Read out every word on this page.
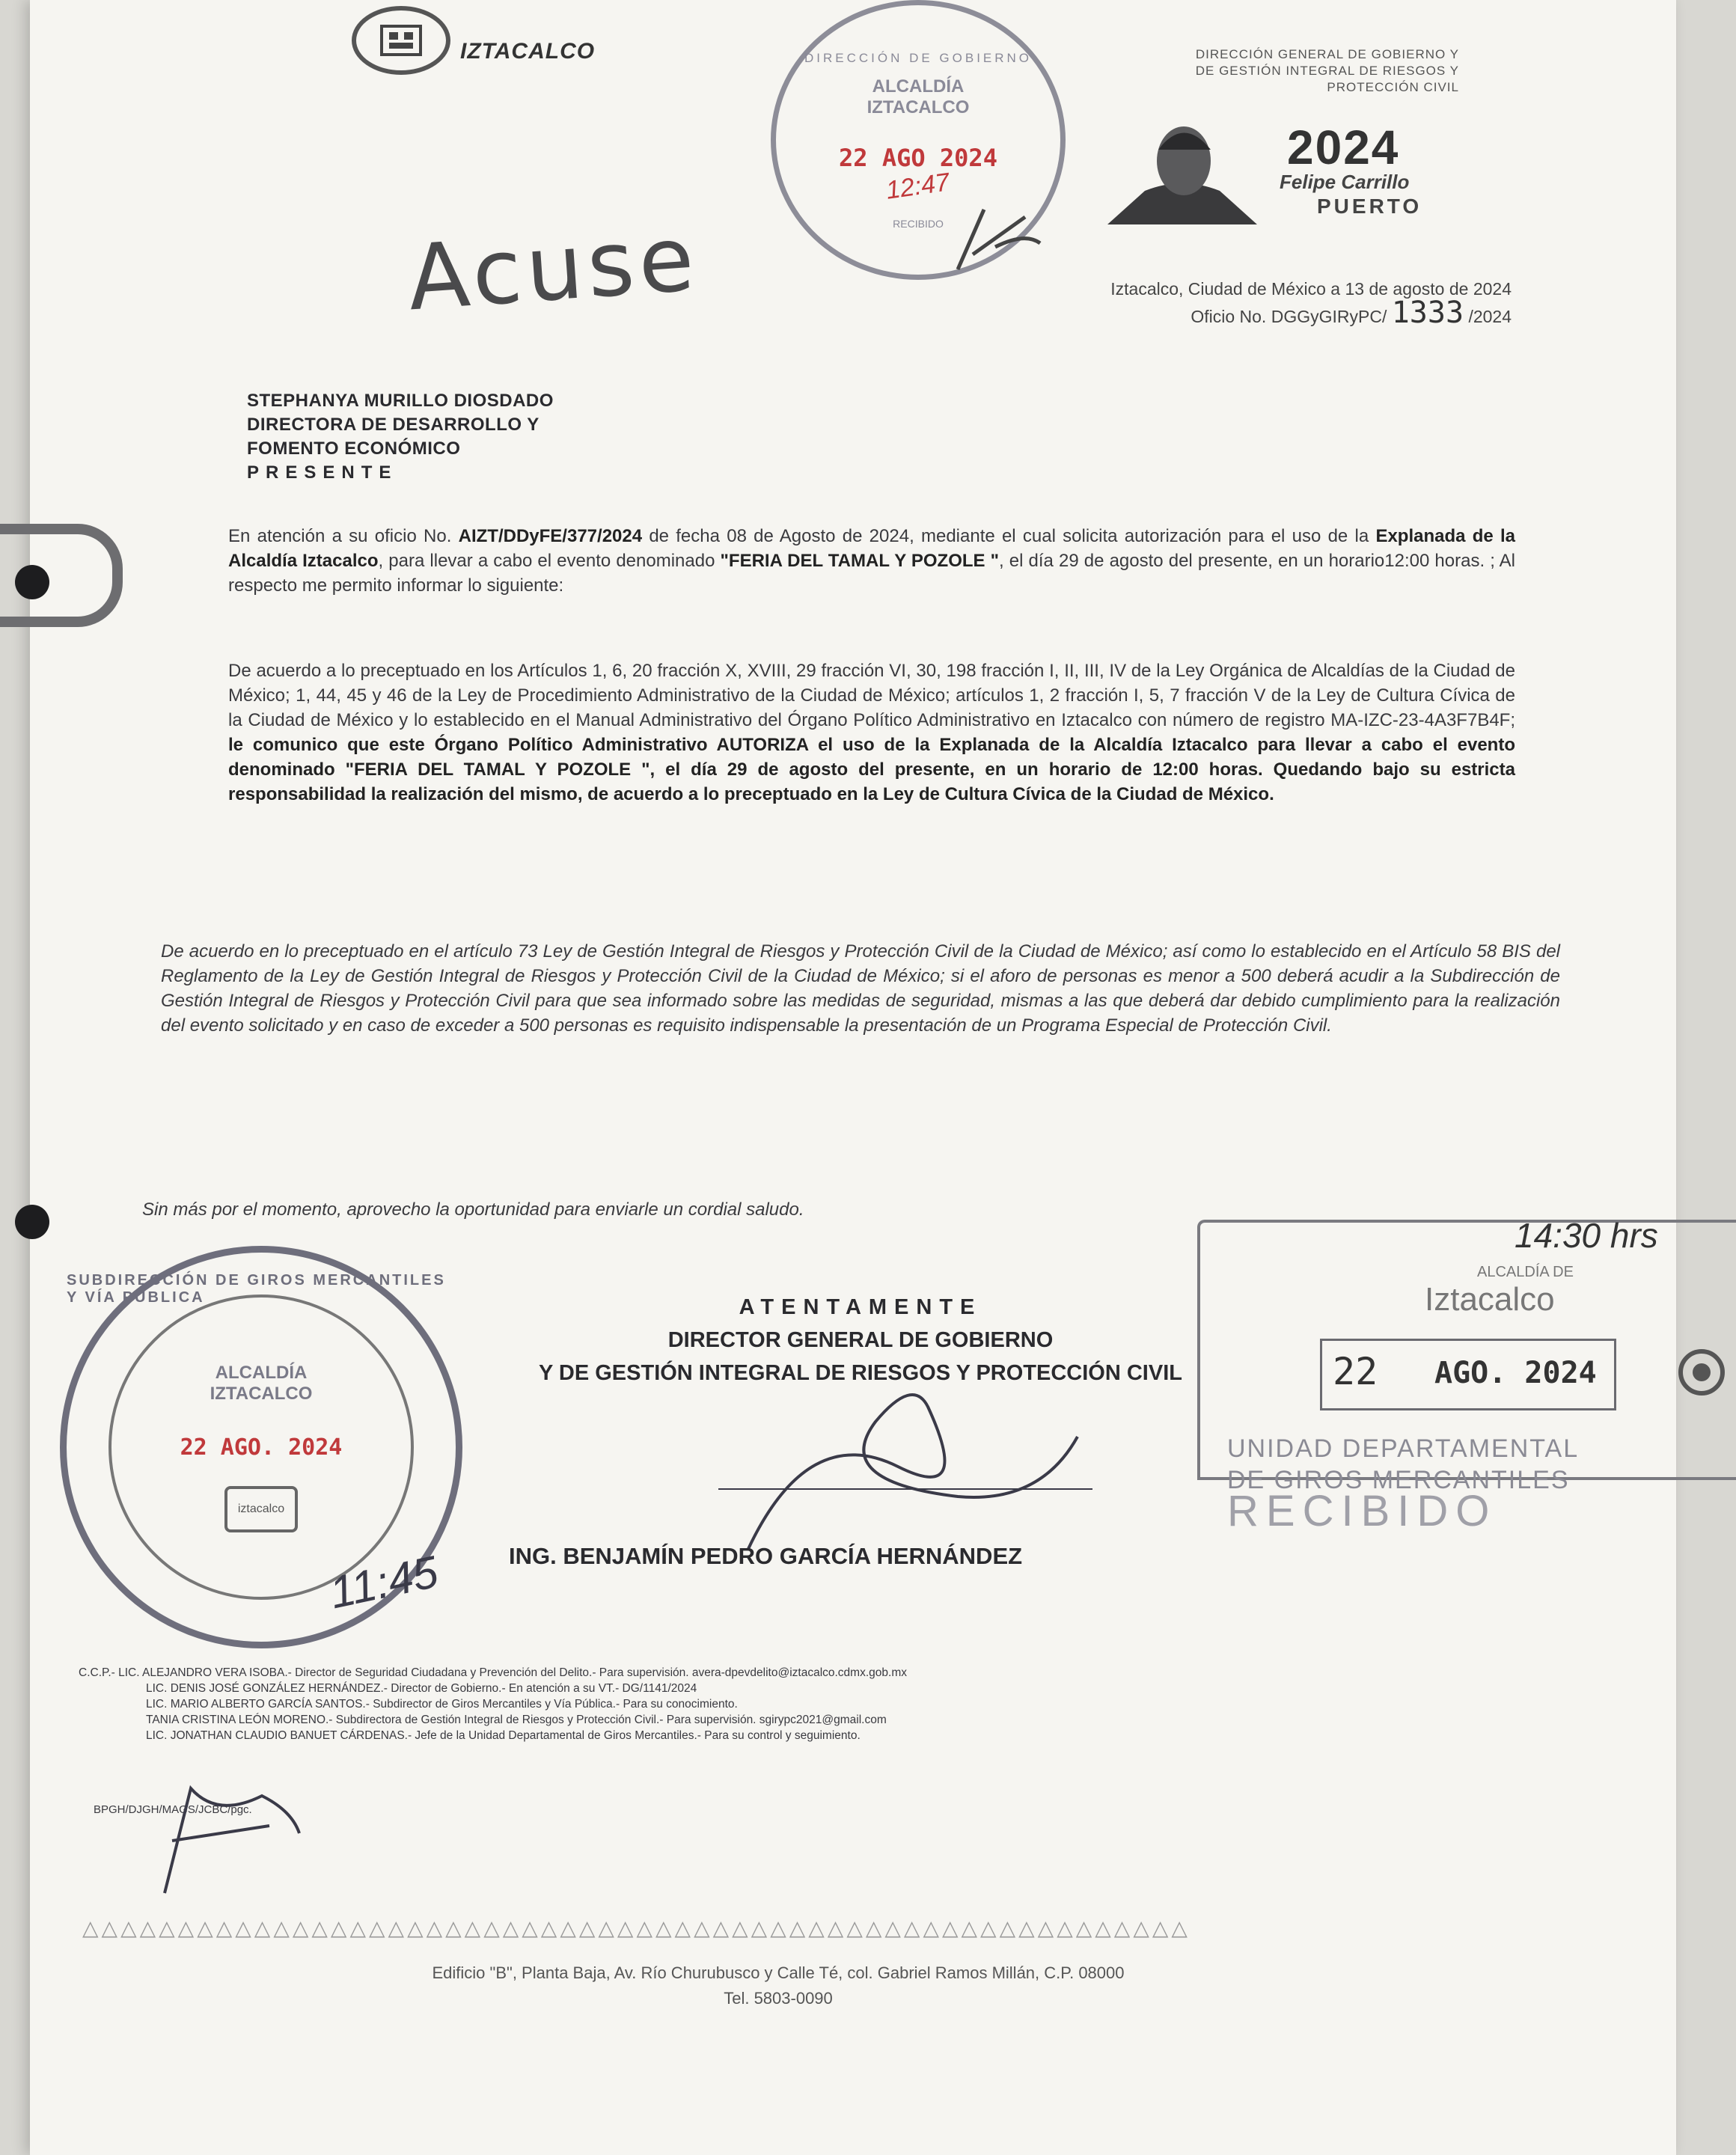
IZTACALCO	DIRECCIÓN DE GOBIERNO
ALCALDÍA
IZTACALCO
22 AGO 2024
12:47
RECIBIDO
DIRECCIÓN GENERAL DE GOBIERNO Y
DE GESTIÓN INTEGRAL DE RIESGOS Y
PROTECCIÓN CIVIL
2024
Felipe Carrillo
PUERTO
Acuse	Iztacalco, Ciudad de México a 13 de agosto de 2024
Oficio No. DGGyGIRyPC/ 1333 /2024
STEPHANYA MURILLO DIOSDADO
DIRECTORA DE DESARROLLO Y
FOMENTO ECONÓMICO
PRESENTE
En atención a su oficio No. AIZT/DDyFE/377/2024 de fecha 08 de Agosto de 2024, mediante el cual solicita autorización para el uso de la Explanada de la Alcaldía Iztacalco, para llevar a cabo el evento denominado "FERIA DEL TAMAL Y POZOLE ", el día 29 de agosto del presente, en un horario12:00 horas. ; Al respecto me permito informar lo siguiente:
De acuerdo a lo preceptuado en los Artículos 1, 6, 20 fracción X, XVIII, 29 fracción VI, 30, 198 fracción I, II, III, IV de la Ley Orgánica de Alcaldías de la Ciudad de México; 1, 44, 45 y 46 de la Ley de Procedimiento Administrativo de la Ciudad de México; artículos 1, 2 fracción I, 5, 7 fracción V de la Ley de Cultura Cívica de la Ciudad de México y lo establecido en el Manual Administrativo del Órgano Político Administrativo en Iztacalco con número de registro MA-IZC-23-4A3F7B4F; le comunico que este Órgano Político Administrativo AUTORIZA el uso de la Explanada de la Alcaldía Iztacalco para llevar a cabo el evento denominado "FERIA DEL TAMAL Y POZOLE ", el día 29 de agosto del presente, en un horario de 12:00 horas. Quedando bajo su estricta responsabilidad la realización del mismo, de acuerdo a lo preceptuado en la Ley de Cultura Cívica de la Ciudad de México.
De acuerdo en lo preceptuado en el artículo 73 Ley de Gestión Integral de Riesgos y Protección Civil de la Ciudad de México; así como lo establecido en el Artículo 58 BIS del Reglamento de la Ley de Gestión Integral de Riesgos y Protección Civil de la Ciudad de México; si el aforo de personas es menor a 500 deberá acudir a la Subdirección de Gestión Integral de Riesgos y Protección Civil para que sea informado sobre las medidas de seguridad, mismas a las que deberá dar debido cumplimiento para la realización del evento solicitado y en caso de exceder a 500 personas es requisito indispensable la presentación de un Programa Especial de Protección Civil.
Sin más por el momento, aprovecho la oportunidad para enviarle un cordial saludo.
ATENTAMENTE
DIRECTOR GENERAL DE GOBIERNO
Y DE GESTIÓN INTEGRAL DE RIESGOS Y PROTECCIÓN CIVIL
ING. BENJAMÍN PEDRO GARCÍA HERNÁNDEZ
SUBDIRECCIÓN DE GIROS MERCANTILES Y VÍA PÚBLICA
ALCALDÍA
IZTACALCO
22 AGO. 2024
iztacalco
11:45
14:30 hrs
ALCALDÍA DE
Iztacalco
22 AGO. 2024
UNIDAD DEPARTAMENTAL
DE GIROS MERCANTILES
RECIBIDO
C.C.P.- LIC. ALEJANDRO VERA ISOBA.- Director de Seguridad Ciudadana y Prevención del Delito.- Para supervisión. avera-dpevdelito@iztacalco.cdmx.gob.mx
LIC. DENIS JOSÉ GONZÁLEZ HERNÁNDEZ.- Director de Gobierno.- En atención a su VT.- DG/1141/2024
LIC. MARIO ALBERTO GARCÍA SANTOS.- Subdirector de Giros Mercantiles y Vía Pública.- Para su conocimiento.
TANIA CRISTINA LEÓN MORENO.- Subdirectora de Gestión Integral de Riesgos y Protección Civil.- Para supervisión. sgirypc2021@gmail.com
LIC. JONATHAN CLAUDIO BANUET CÁRDENAS.- Jefe de la Unidad Departamental de Giros Mercantiles.- Para su control y seguimiento.
BPGH/DJGH/MAGS/JCBC/pgc.
△△△△△△△△△△△△△△△△△△△△△△△△△△△△△△△△△△△△△△△△△△△△△△△△△△△△△△△△△△
Edificio "B", Planta Baja, Av. Río Churubusco y Calle Té, col. Gabriel Ramos Millán, C.P. 08000
Tel. 5803-0090
